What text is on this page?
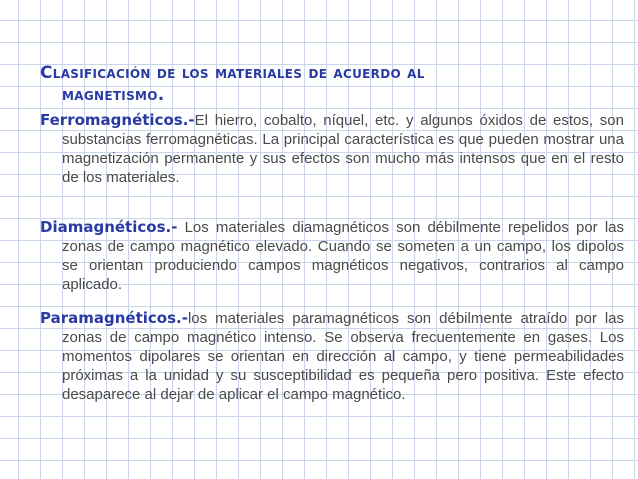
Clasificación de los materiales de acuerdo al
magnetismo.
Ferromagnéticos.-El hierro, cobalto, níquel, etc. y algunos óxidos de estos, son substancias ferromagnéticas. La principal característica es que pueden mostrar una magnetización permanente y sus efectos son mucho más intensos que en el resto de los materiales.
Diamagnéticos.- Los materiales diamagnéticos son débilmente repelidos por las zonas de campo magnético elevado. Cuando se someten a un campo, los dipolos se orientan produciendo campos magnéticos negativos, contrarios al campo aplicado.
Paramagnéticos.-los materiales paramagnéticos son débilmente atraído por las zonas de campo magnético intenso. Se observa frecuentemente en gases. Los momentos dipolares se orientan en dirección al campo, y tiene permeabilidades próximas a la unidad y su susceptibilidad es pequeña pero positiva. Este efecto desaparece al dejar de aplicar el campo magnético.
